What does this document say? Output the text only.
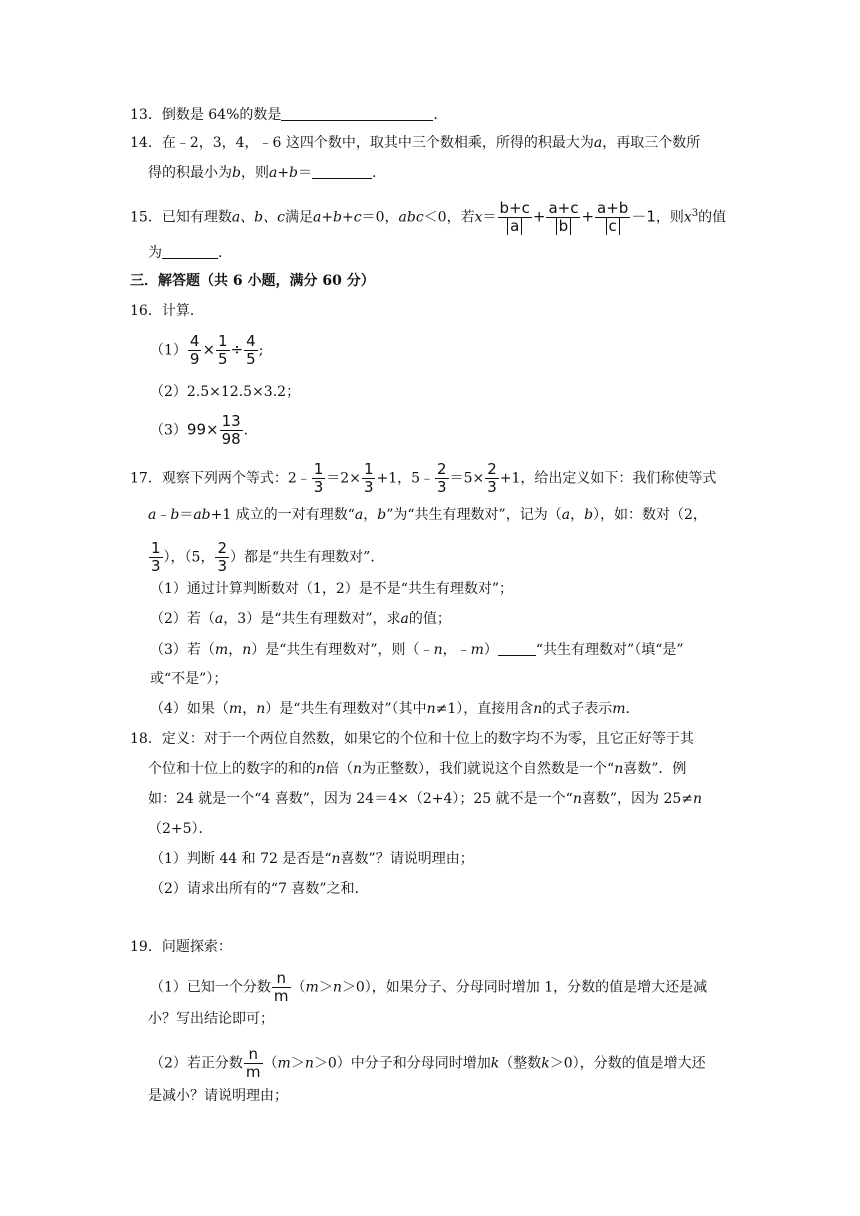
13．倒数是 64%的数是	.
14．在﹣2，3，4，﹣6 这四个数中，取其中三个数相乘，所得的积最大为a，再取三个数所
得的积最小为b，则a+b＝	.
15．已知有理数a、b、c满足a+b+c＝0，abc＜0，若$x= \frac{b+c}{a} + \frac{a+c}{b} + \frac{a+b}{c} -1$，则$x^3$的值
为	.
三．解答题（共 6 小题，满分 60 分）
16．计算．
$(1) \frac{4}{9} \times \frac{1}{5} \div \frac{4}{5}$ ;
（2）2.5×12.5×3.2；
$(3)99\times \frac{13}{98}$ .
17．观察下列两个等式：2﹣ $\frac{1}{3} =2\times \frac{1}{3} +1$，5﹣ $\frac{2}{3} =5\times \frac{2}{3} +1$，给出定义如下：我们称使等式
a﹣b＝ab+1 成立的一对有理数“a，b”为“共生有理数对”，记为（a，b），如：数对（2，
$\frac{1}{3}$ ），（5， $\frac{2}{3}$ ）都是“共生有理数对”．
（1）通过计算判断数对（1，2）是不是“共生有理数对”；
（2）若（a，3）是“共生有理数对”，求a的值；
（3）若（m，n）是“共生有理数对”，则（﹣n，﹣m）	“共生有理数对”（填“是”
或“不是”）；
（4）如果（m，n）是“共生有理数对”（其中n≠1），直接用含n的式子表示m.
18．定义：对于一个两位自然数，如果它的个位和十位上的数字均不为零，且它正好等于其
个位和十位上的数字的和的n倍（n为正整数），我们就说这个自然数是一个“n喜数”．例
如：24 就是一个“4 喜数”，因为 24＝4×（2+4）；25 就不是一个“n喜数”，因为 25≠n
（2+5）．
（1）判断 44 和 72 是否是“n喜数”？请说明理由；
（2）请求出所有的“7 喜数”之和．
19．问题探索：
（1）已知一个分数 $\frac{n}{m} (m>n>0)$，如果分子、分母同时增加 1，分数的值是增大还是减
小？写出结论即可；
（2）若正分数 $\frac{n}{m} (m>n>0)$中分子和分母同时增加k（整数k＞0），分数的值是增大还
是减小？请说明理由；
